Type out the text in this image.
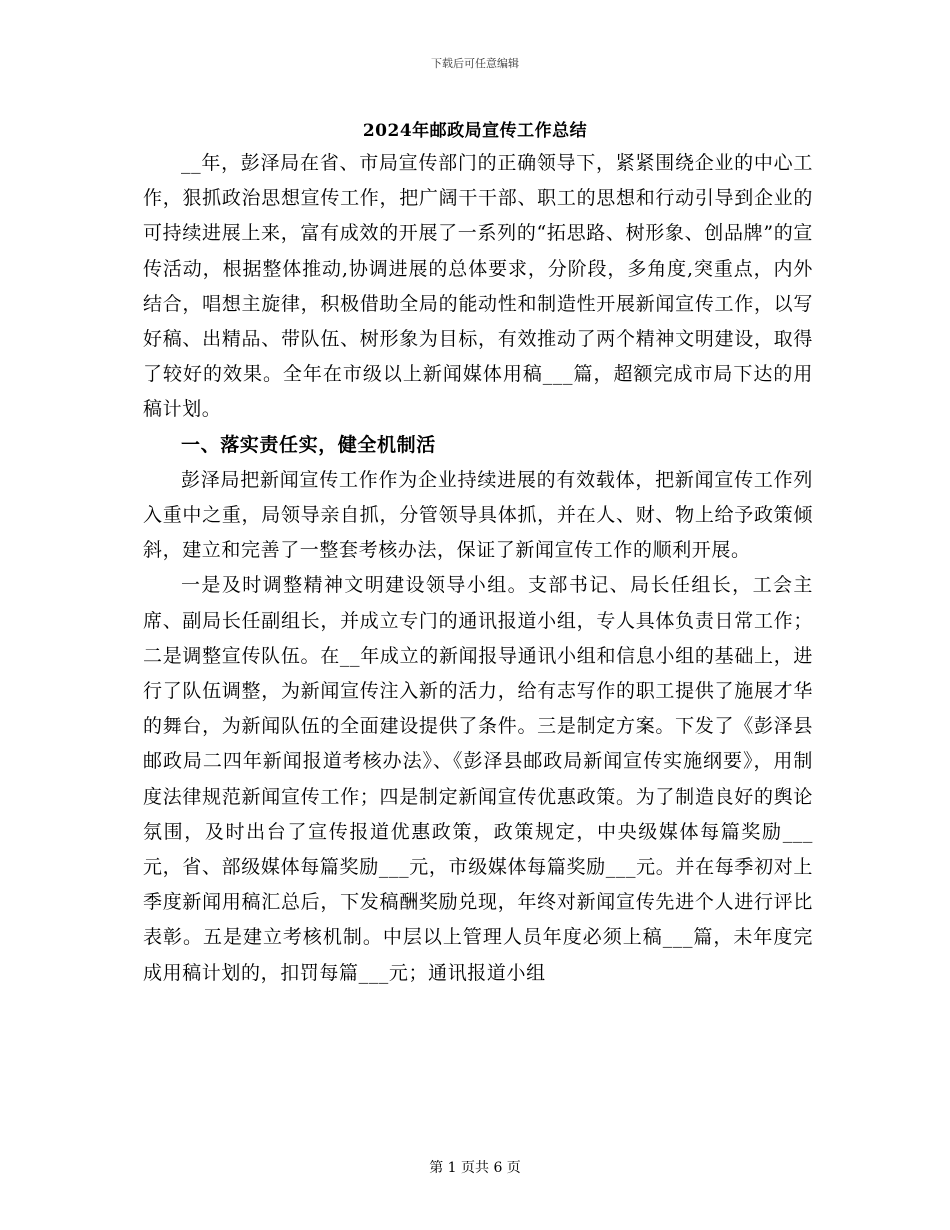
下载后可任意编辑
2024年邮政局宣传工作总结

__年，彭泽局在省、市局宣传部门的正确领导下，紧紧围绕企业的中心工作，狠抓政治思想宣传工作，把广阔干干部、职工的思想和行动引导到企业的可持续进展上来，富有成效的开展了一系列的“拓思路、树形象、创品牌”的宣传活动，根据整体推动,协调进展的总体要求，分阶段，多角度,突重点，内外结合，唱想主旋律，积极借助全局的能动性和制造性开展新闻宣传工作，以写好稿、出精品、带队伍、树形象为目标，有效推动了两个精神文明建设，取得了较好的效果。全年在市级以上新闻媒体用稿___篇，超额完成市局下达的用稿计划。

一、落实责任实，健全机制活

彭泽局把新闻宣传工作作为企业持续进展的有效载体，把新闻宣传工作列入重中之重，局领导亲自抓，分管领导具体抓，并在人、财、物上给予政策倾斜，建立和完善了一整套考核办法，保证了新闻宣传工作的顺利开展。

一是及时调整精神文明建设领导小组。支部书记、局长任组长，工会主席、副局长任副组长，并成立专门的通讯报道小组，专人具体负责日常工作；二是调整宣传队伍。在__年成立的新闻报导通讯小组和信息小组的基础上，进行了队伍调整，为新闻宣传注入新的活力，给有志写作的职工提供了施展才华的舞台，为新闻队伍的全面建设提供了条件。三是制定方案。下发了《彭泽县邮政局二四年新闻报道考核办法》、《彭泽县邮政局新闻宣传实施纲要》，用制度法律规范新闻宣传工作；四是制定新闻宣传优惠政策。为了制造良好的舆论氛围，及时出台了宣传报道优惠政策，政策规定，中央级媒体每篇奖励___元，省、部级媒体每篇奖励___元，市级媒体每篇奖励___元。并在每季初对上季度新闻用稿汇总后，下发稿酬奖励兑现，年终对新闻宣传先进个人进行评比表彰。五是建立考核机制。中层以上管理人员年度必须上稿___篇，未年度完成用稿计划的，扣罚每篇___元；通讯报道小组

第 1 页共 6 页
